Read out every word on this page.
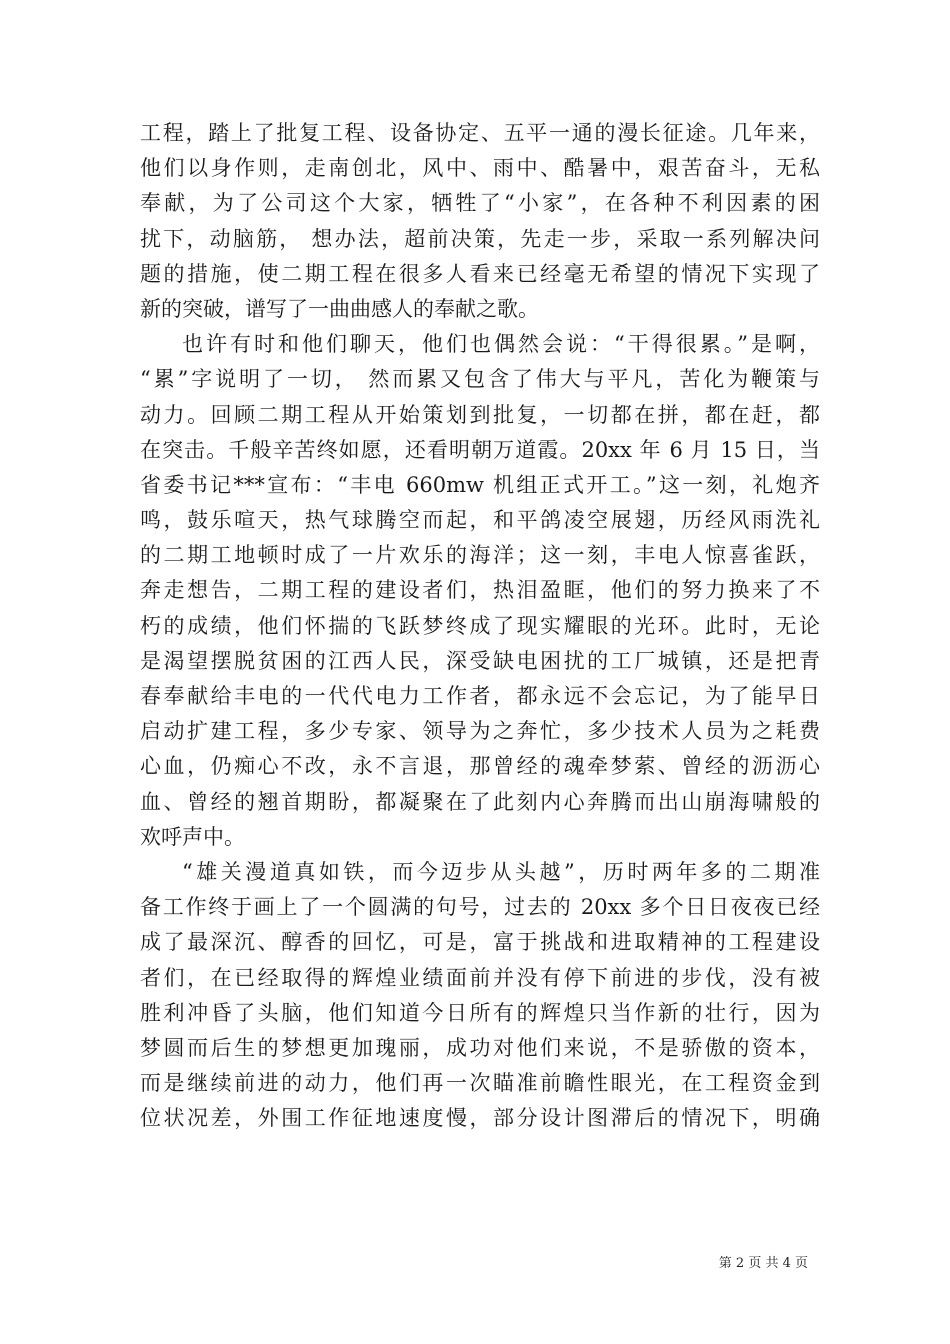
工程，踏上了批复工程、设备协定、五平一通的漫长征途。几年来，
他们以身作则，走南创北，风中、雨中、酷暑中，艰苦奋斗，无私
奉献，为了公司这个大家，牺牲了“小家”，在各种不利因素的困
扰下，动脑筋， 想办法，超前决策，先走一步，采取一系列解决问
题的措施，使二期工程在很多人看来已经毫无希望的情况下实现了
新的突破，谱写了一曲曲感人的奉献之歌。
也许有时和他们聊天，他们也偶然会说：“干得很累。”是啊，
“累”字说明了一切， 然而累又包含了伟大与平凡，苦化为鞭策与
动力。回顾二期工程从开始策划到批复，一切都在拼，都在赶，都
在突击。千般辛苦终如愿，还看明朝万道霞。20xx 年 6 月 15 日，当
省委书记***宣布：“丰电 660mw 机组正式开工。”这一刻，礼炮齐
鸣，鼓乐喧天，热气球腾空而起，和平鸽凌空展翅，历经风雨洗礼
的二期工地顿时成了一片欢乐的海洋；这一刻，丰电人惊喜雀跃，
奔走想告，二期工程的建设者们，热泪盈眶，他们的努力换来了不
朽的成绩，他们怀揣的飞跃梦终成了现实耀眼的光环。此时，无论
是渴望摆脱贫困的江西人民，深受缺电困扰的工厂城镇，还是把青
春奉献给丰电的一代代电力工作者，都永远不会忘记，为了能早日
启动扩建工程，多少专家、领导为之奔忙，多少技术人员为之耗费
心血，仍痴心不改，永不言退，那曾经的魂牵梦萦、曾经的沥沥心
血、曾经的翘首期盼，都凝聚在了此刻内心奔腾而出山崩海啸般的
欢呼声中。
“雄关漫道真如铁，而今迈步从头越”，历时两年多的二期准
备工作终于画上了一个圆满的句号，过去的 20xx 多个日日夜夜已经
成了最深沉、醇香的回忆，可是，富于挑战和进取精神的工程建设
者们，在已经取得的辉煌业绩面前并没有停下前进的步伐，没有被
胜利冲昏了头脑，他们知道今日所有的辉煌只当作新的壮行，因为
梦圆而后生的梦想更加瑰丽，成功对他们来说，不是骄傲的资本，
而是继续前进的动力，他们再一次瞄准前瞻性眼光，在工程资金到
位状况差，外围工作征地速度慢，部分设计图滞后的情况下，明确
第 2 页 共 4 页
